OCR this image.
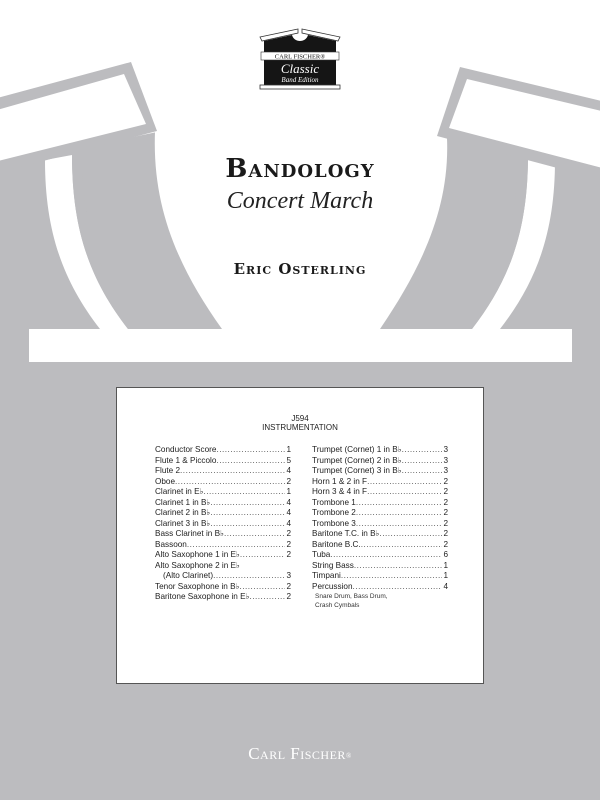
CARL FISCHER®
Classic
Band Edition
Bandology
Concert March
Eric Osterling
J594
INSTRUMENTATION
Conductor Score .....	1
Flute 1 & Piccolo .....	5
Flute 2 .....	4
Oboe .....	2
Clarinet in E♭ .....	1
Clarinet 1 in B♭ .....	4
Clarinet 2 in B♭ .....	4
Clarinet 3 in B♭ .....	4
Bass Clarinet in B♭ .....	2
Bassoon .....	2
Alto Saxophone 1 in E♭ .....	2
Alto Saxophone 2 in E♭
(Alto Clarinet) .....	3
Tenor Saxophone in B♭ .....	2
Baritone Saxophone in E♭ .....	2
Trumpet (Cornet) 1 in B♭ .....	3
Trumpet (Cornet) 2 in B♭ .....	3
Trumpet (Cornet) 3 in B♭ .....	3
Horn 1 & 2 in F .....	2
Horn 3 & 4 in F .....	2
Trombone 1 .....	2
Trombone 2 .....	2
Trombone 3 .....	2
Baritone T.C. in B♭ .....	2
Baritone B.C. .....	2
Tuba .....	6
String Bass .....	1
Timpani .....	1
Percussion .....	4
Snare Drum, Bass Drum,
Crash Cymbals
Carl Fischer®
